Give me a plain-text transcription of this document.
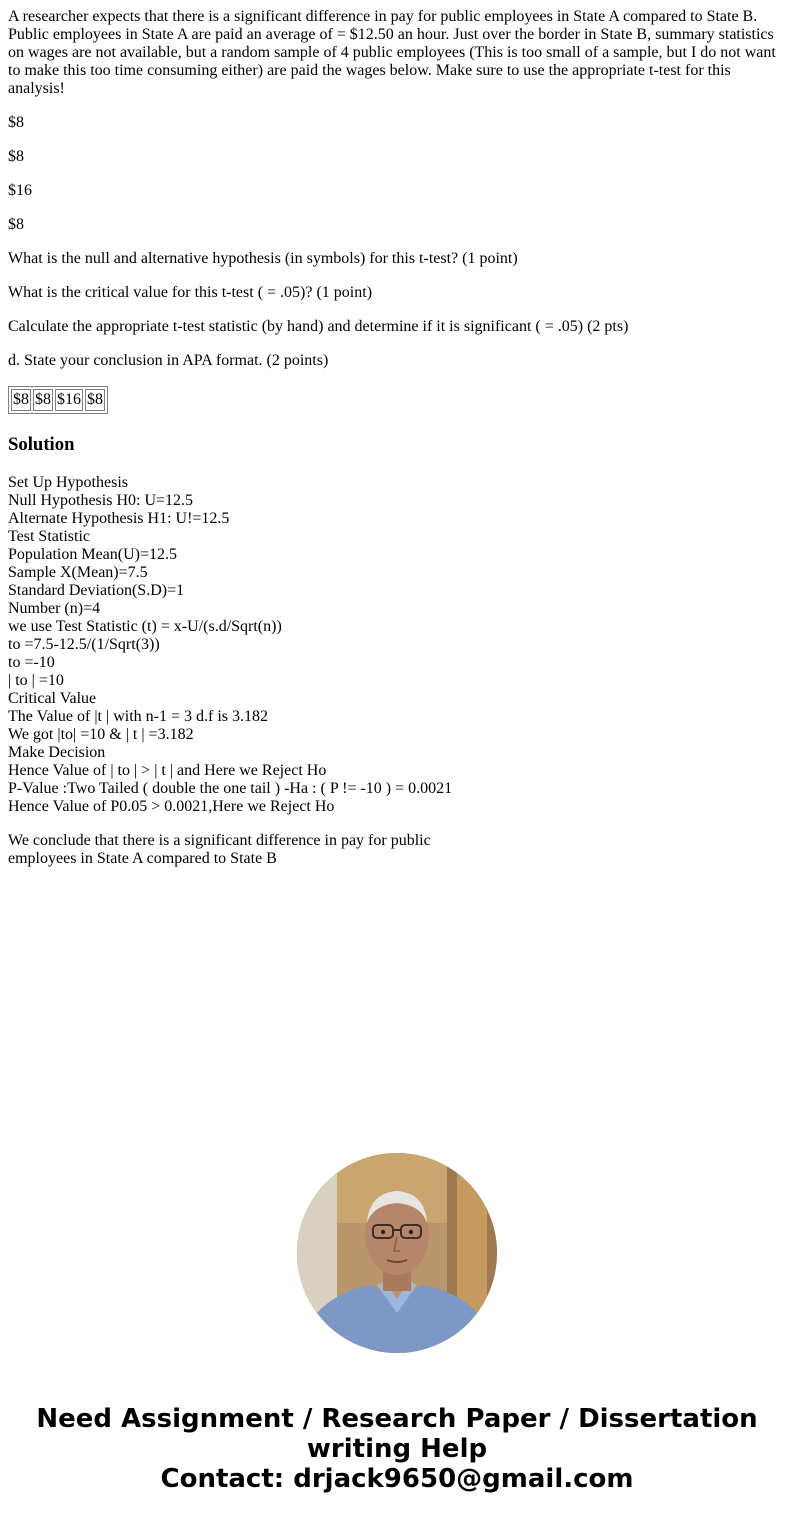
A researcher expects that there is a significant difference in pay for public employees in State A compared to State B. Public employees in State A are paid an average of = $12.50 an hour. Just over the border in State B, summary statistics on wages are not available, but a random sample of 4 public employees (This is too small of a sample, but I do not want to make this too time consuming either) are paid the wages below. Make sure to use the appropriate t-test for this analysis!

$8

$8

$16

$8

What is the null and alternative hypothesis (in symbols) for this t-test? (1 point)

What is the critical value for this t-test ( = .05)? (1 point)

Calculate the appropriate t-test statistic (by hand) and determine if it is significant ( = .05) (2 pts)

d. State your conclusion in APA format. (2 points)

$8	$8	$16	$8
Solution
Set Up Hypothesis
Null Hypothesis H0: U=12.5
Alternate Hypothesis H1: U!=12.5
Test Statistic
Population Mean(U)=12.5
Sample X(Mean)=7.5
Standard Deviation(S.D)=1
Number (n)=4
we use Test Statistic (t) = x-U/(s.d/Sqrt(n))
to =7.5-12.5/(1/Sqrt(3))
to =-10
| to | =10
Critical Value
The Value of |t | with n-1 = 3 d.f is 3.182
We got |to| =10 & | t | =3.182
Make Decision
Hence Value of | to | > | t | and Here we Reject Ho
P-Value :Two Tailed ( double the one tail ) -Ha : ( P != -10 ) = 0.0021
Hence Value of P0.05 > 0.0021,Here we Reject Ho
We conclude that there is a significant difference in pay for public employees in State A compared to State B
Need Assignment / Research Paper / Dissertation
writing Help
Contact: drjack9650@gmail.com
